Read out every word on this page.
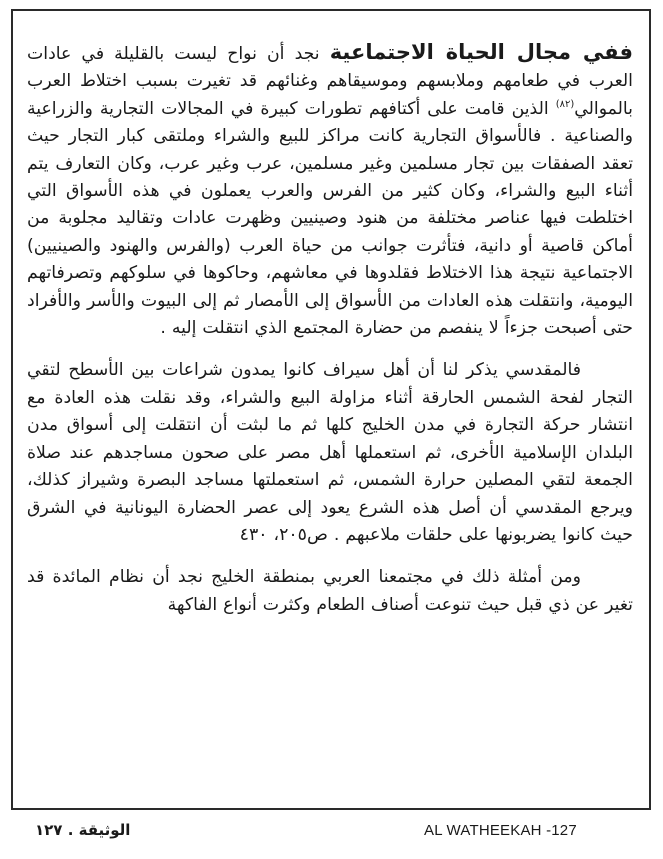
ففي مجال الحياة الاجتماعية نجد أن نواح ليست بالقليلة في عادات العرب في طعامهم وملابسهم وموسيقاهم وغنائهم قد تغيرت بسبب اختلاط العرب بالموالي$^{(٨٢)}$ الذين قامت على أكتافهم تطورات كبيرة في المجالات التجارية والزراعية والصناعية . فالأسواق التجارية كانت مراكز للبيع والشراء وملتقى كبار التجار حيث تعقد الصفقات بين تجار مسلمين وغير مسلمين، عرب وغير عرب، وكان التعارف يتم أثناء البيع والشراء، وكان كثير من الفرس والعرب يعملون في هذه الأسواق التي اختلطت فيها عناصر مختلفة من هنود وصينيين وظهرت عادات وتقاليد مجلوبة من أماكن قاصية أو دانية، فتأثرت جوانب من حياة العرب (والفرس والهنود والصينيين) الاجتماعية نتيجة هذا الاختلاط فقلدوها في معاشهم، وحاكوها في سلوكهم وتصرفاتهم اليومية، وانتقلت هذه العادات من الأسواق إلى الأمصار ثم إلى البيوت والأسر والأفراد حتى أصبحت جزءاً لا ينفصم من حضارة المجتمع الذي انتقلت إليه .

فالمقدسي يذكر لنا أن أهل سيراف كانوا يمدون شراعات بين الأسطح لتقي التجار لفحة الشمس الحارقة أثناء مزاولة البيع والشراء، وقد نقلت هذه العادة مع انتشار حركة التجارة في مدن الخليج كلها ثم ما لبثت أن انتقلت إلى أسواق مدن البلدان الإسلامية الأخرى، ثم استعملها أهل مصر على صحون مساجدهم عند صلاة الجمعة لتقي المصلين حرارة الشمس، ثم استعملتها مساجد البصرة وشيراز كذلك، ويرجع المقدسي أن أصل هذه الشرع يعود إلى عصر الحضارة اليونانية في الشرق حيث كانوا يضربونها على حلقات ملاعبهم . ص٢٠٥، ٤٣٠

ومن أمثلة ذلك في مجتمعنا العربي بمنطقة الخليج نجد أن نظام المائدة قد تغير عن ذي قبل حيث تنوعت أصناف الطعام وكثرت أنواع الفاكهة

AL WATHEEKAH -127
الوثيقة . ١٢٧
